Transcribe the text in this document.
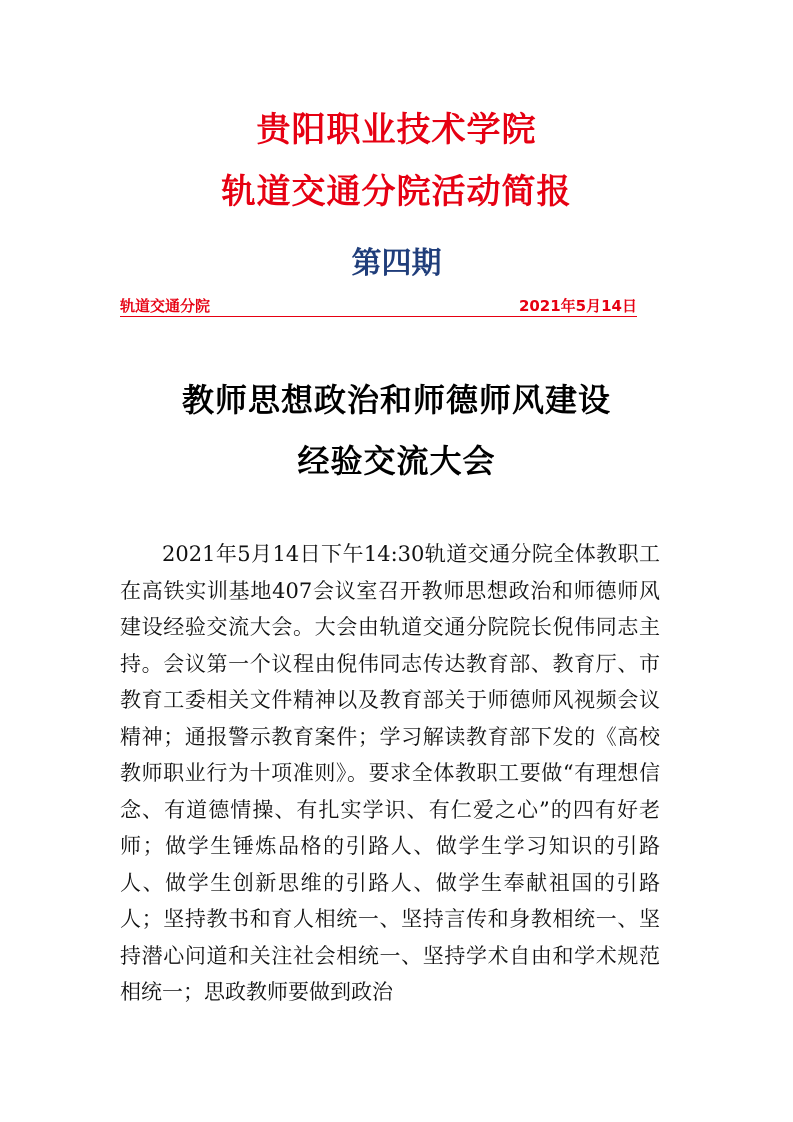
贵阳职业技术学院
轨道交通分院活动简报
第四期
轨道交通分院	2021年5月14日
教师思想政治和师德师风建设
经验交流大会

2021年5月14日下午14:30轨道交通分院全体教职工在高铁实训基地407会议室召开教师思想政治和师德师风建设经验交流大会。大会由轨道交通分院院长倪伟同志主持。会议第一个议程由倪伟同志传达教育部、教育厅、市教育工委相关文件精神以及教育部关于师德师风视频会议精神；通报警示教育案件；学习解读教育部下发的《高校教师职业行为十项准则》。要求全体教职工要做“有理想信念、有道德情操、有扎实学识、有仁爱之心”的四有好老师；做学生锤炼品格的引路人、做学生学习知识的引路人、做学生创新思维的引路人、做学生奉献祖国的引路人；坚持教书和育人相统一、坚持言传和身教相统一、坚持潜心问道和关注社会相统一、坚持学术自由和学术规范相统一；思政教师要做到政治
